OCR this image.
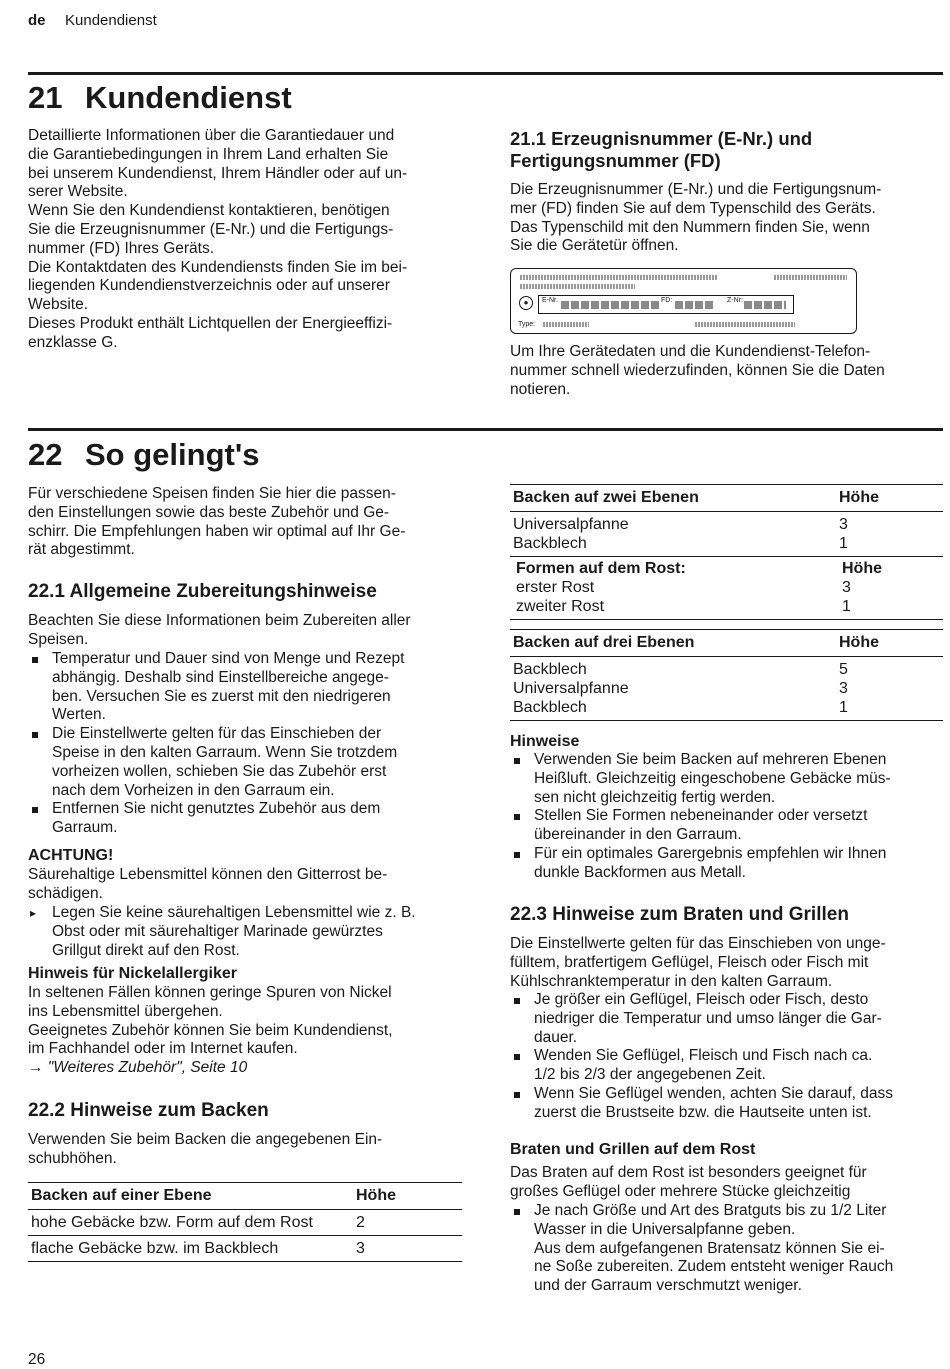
de Kundendienst
21 Kundendienst
Detaillierte Informationen über die Garantiedauer und
die Garantiebedingungen in Ihrem Land erhalten Sie
bei unserem Kundendienst, Ihrem Händler oder auf un-
serer Website.
Wenn Sie den Kundendienst kontaktieren, benötigen
Sie die Erzeugnisnummer (E-Nr.) und die Fertigungs-
nummer (FD) Ihres Geräts.
Die Kontaktdaten des Kundendiensts finden Sie im bei-
liegenden Kundendienstverzeichnis oder auf unserer
Website.
Dieses Produkt enthält Lichtquellen der Energieeffizi-
enzklasse G.
21.1 Erzeugnisnummer (E-Nr.) und
Fertigungsnummer (FD)
Die Erzeugnisnummer (E-Nr.) und die Fertigungsnum-
mer (FD) finden Sie auf dem Typenschild des Geräts.
Das Typenschild mit den Nummern finden Sie, wenn
Sie die Gerätetür öffnen.
●	E-Nr.	FD:	Z-Nr:
Type:
Um Ihre Gerätedaten und die Kundendienst-Telefon-
nummer schnell wiederzufinden, können Sie die Daten
notieren.
22 So gelingt's
Für verschiedene Speisen finden Sie hier die passen-
den Einstellungen sowie das beste Zubehör und Ge-
schirr. Die Empfehlungen haben wir optimal auf Ihr Ge-
rät abgestimmt.
22.1 Allgemeine Zubereitungshinweise
Beachten Sie diese Informationen beim Zubereiten aller
Speisen.
Temperatur und Dauer sind von Menge und Rezept
abhängig. Deshalb sind Einstellbereiche angege-
ben. Versuchen Sie es zuerst mit den niedrigeren
Werten.
Die Einstellwerte gelten für das Einschieben der
Speise in den kalten Garraum. Wenn Sie trotzdem
vorheizen wollen, schieben Sie das Zubehör erst
nach dem Vorheizen in den Garraum ein.
Entfernen Sie nicht genutztes Zubehör aus dem
Garraum.
ACHTUNG!
Säurehaltige Lebensmittel können den Gitterrost be-
schädigen.
▸ Legen Sie keine säurehaltigen Lebensmittel wie z. B.
Obst oder mit säurehaltiger Marinade gewürztes
Grillgut direkt auf den Rost.
Hinweis für Nickelallergiker
In seltenen Fällen können geringe Spuren von Nickel
ins Lebensmittel übergehen.
Geeignetes Zubehör können Sie beim Kundendienst,
im Fachhandel oder im Internet kaufen.
→ "Weiteres Zubehör", Seite 10
22.2 Hinweise zum Backen
Verwenden Sie beim Backen die angegebenen Ein-
schubhöhen.
Backen auf einer Ebene	Höhe
hohe Gebäcke bzw. Form auf dem Rost	2
flache Gebäcke bzw. im Backblech	3
Backen auf zwei Ebenen	Höhe
Universalpfanne	3
Backblech	1
Formen auf dem Rost:	Höhe
erster Rost	3
zweiter Rost	1
Backen auf drei Ebenen	Höhe
Backblech	5
Universalpfanne	3
Backblech	1
Hinweise
Verwenden Sie beim Backen auf mehreren Ebenen
Heißluft. Gleichzeitig eingeschobene Gebäcke müs-
sen nicht gleichzeitig fertig werden.
Stellen Sie Formen nebeneinander oder versetzt
übereinander in den Garraum.
Für ein optimales Garergebnis empfehlen wir Ihnen
dunkle Backformen aus Metall.
22.3 Hinweise zum Braten und Grillen
Die Einstellwerte gelten für das Einschieben von unge-
fülltem, bratfertigem Geflügel, Fleisch oder Fisch mit
Kühlschranktemperatur in den kalten Garraum.
Je größer ein Geflügel, Fleisch oder Fisch, desto
niedriger die Temperatur und umso länger die Gar-
dauer.
Wenden Sie Geflügel, Fleisch und Fisch nach ca.
1/2 bis 2/3 der angegebenen Zeit.
Wenn Sie Geflügel wenden, achten Sie darauf, dass
zuerst die Brustseite bzw. die Hautseite unten ist.
Braten und Grillen auf dem Rost
Das Braten auf dem Rost ist besonders geeignet für
großes Geflügel oder mehrere Stücke gleichzeitig
Je nach Größe und Art des Bratguts bis zu 1/2 Liter
Wasser in die Universalpfanne geben.
Aus dem aufgefangenen Bratensatz können Sie ei-
ne Soße zubereiten. Zudem entsteht weniger Rauch
und der Garraum verschmutzt weniger.
26
